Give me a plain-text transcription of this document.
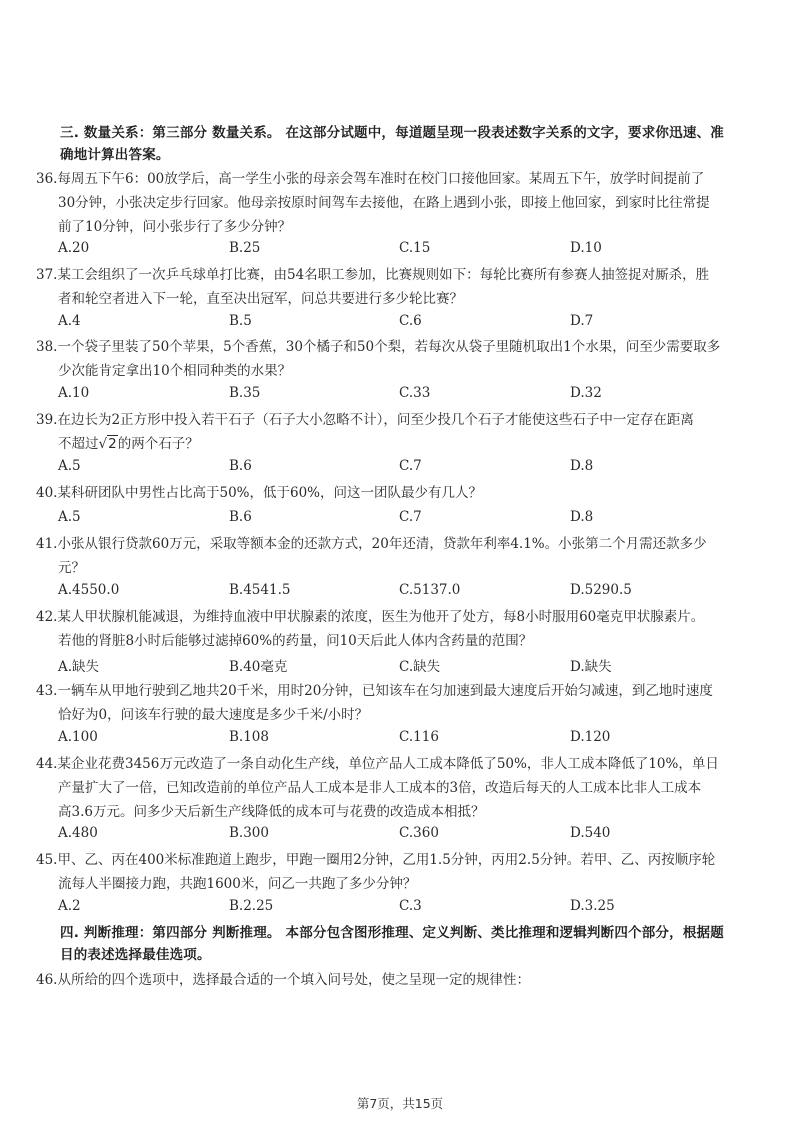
三. 数量关系：第三部分 数量关系。 在这部分试题中，每道题呈现一段表述数字关系的文字，要求你迅速、准
确地计算出答案。
36.每周五下午6：00放学后，高一学生小张的母亲会驾车准时在校门口接他回家。某周五下午，放学时间提前了
30分钟，小张决定步行回家。他母亲按原时间驾车去接他，在路上遇到小张，即接上他回家，到家时比往常提
前了10分钟，问小张步行了多少分钟？
A.20	B.25	C.15	D.10
37.某工会组织了一次乒乓球单打比赛，由54名职工参加，比赛规则如下：每轮比赛所有参赛人抽签捉对厮杀，胜
者和轮空者进入下一轮，直至决出冠军，问总共要进行多少轮比赛？
A.4	B.5	C.6	D.7
38.一个袋子里装了50个苹果，5个香蕉，30个橘子和50个梨，若每次从袋子里随机取出1个水果，问至少需要取多
少次能肯定拿出10个相同种类的水果？
A.10	B.35	C.33	D.32
39.在边长为2正方形中投入若干石子（石子大小忽略不计），问至少投几个石子才能使这些石子中一定存在距离
不超过√2的两个石子？
A.5	B.6	C.7	D.8
40.某科研团队中男性占比高于50%，低于60%，问这一团队最少有几人？
A.5	B.6	C.7	D.8
41.小张从银行贷款60万元，采取等额本金的还款方式，20年还清，贷款年利率4.1%。小张第二个月需还款多少
元？
A.4550.0	B.4541.5	C.5137.0	D.5290.5
42.某人甲状腺机能减退，为维持血液中甲状腺素的浓度，医生为他开了处方，每8小时服用60毫克甲状腺素片。
若他的肾脏8小时后能够过滤掉60%的药量，问10天后此人体内含药量的范围？
A.缺失	B.40毫克	C.缺失	D.缺失
43.一辆车从甲地行驶到乙地共20千米，用时20分钟，已知该车在匀加速到最大速度后开始匀减速，到乙地时速度
恰好为0，问该车行驶的最大速度是多少千米/小时？
A.100	B.108	C.116	D.120
44.某企业花费3456万元改造了一条自动化生产线，单位产品人工成本降低了50%，非人工成本降低了10%，单日
产量扩大了一倍，已知改造前的单位产品人工成本是非人工成本的3倍，改造后每天的人工成本比非人工成本
高3.6万元。问多少天后新生产线降低的成本可与花费的改造成本相抵？
A.480	B.300	C.360	D.540
45.甲、乙、丙在400米标准跑道上跑步，甲跑一圈用2分钟，乙用1.5分钟，丙用2.5分钟。若甲、乙、丙按顺序轮
流每人半圈接力跑，共跑1600米，问乙一共跑了多少分钟？
A.2	B.2.25	C.3	D.3.25
四. 判断推理：第四部分 判断推理。 本部分包含图形推理、定义判断、类比推理和逻辑判断四个部分，根据题
目的表述选择最佳选项。
46.从所给的四个选项中，选择最合适的一个填入问号处，使之呈现一定的规律性：
第7页，共15页
